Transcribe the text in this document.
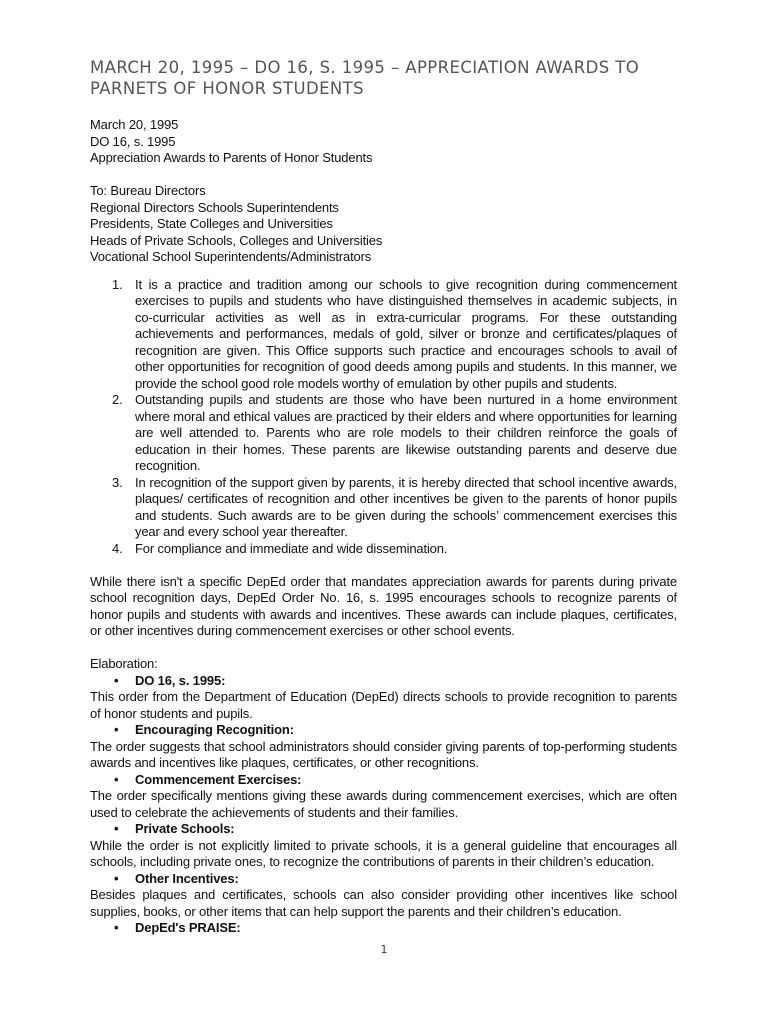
MARCH 20, 1995 – DO 16, S. 1995 – APPRECIATION AWARDS TO PARNETS OF HONOR STUDENTS
March 20, 1995
DO 16, s. 1995
Appreciation Awards to Parents of Honor Students
To: Bureau Directors
Regional Directors Schools Superintendents
Presidents, State Colleges and Universities
Heads of Private Schools, Colleges and Universities
Vocational School Superintendents/Administrators
1. It is a practice and tradition among our schools to give recognition during commencement exercises to pupils and students who have distinguished themselves in academic subjects, in co-curricular activities as well as in extra-curricular programs. For these outstanding achievements and performances, medals of gold, silver or bronze and certificates/plaques of recognition are given. This Office supports such practice and encourages schools to avail of other opportunities for recognition of good deeds among pupils and students. In this manner, we provide the school good role models worthy of emulation by other pupils and students.
2. Outstanding pupils and students are those who have been nurtured in a home environment where moral and ethical values are practiced by their elders and where opportunities for learning are well attended to. Parents who are role models to their children reinforce the goals of education in their homes. These parents are likewise outstanding parents and deserve due recognition.
3. In recognition of the support given by parents, it is hereby directed that school incentive awards, plaques/ certificates of recognition and other incentives be given to the parents of honor pupils and students. Such awards are to be given during the schools’ commencement exercises this year and every school year thereafter.
4. For compliance and immediate and wide dissemination.
While there isn't a specific DepEd order that mandates appreciation awards for parents during private school recognition days, DepEd Order No. 16, s. 1995 encourages schools to recognize parents of honor pupils and students with awards and incentives. These awards can include plaques, certificates, or other incentives during commencement exercises or other school events.
Elaboration:
• DO 16, s. 1995:
This order from the Department of Education (DepEd) directs schools to provide recognition to parents of honor students and pupils.
• Encouraging Recognition:
The order suggests that school administrators should consider giving parents of top-performing students awards and incentives like plaques, certificates, or other recognitions.
• Commencement Exercises:
The order specifically mentions giving these awards during commencement exercises, which are often used to celebrate the achievements of students and their families.
• Private Schools:
While the order is not explicitly limited to private schools, it is a general guideline that encourages all schools, including private ones, to recognize the contributions of parents in their children’s education.
• Other Incentives:
Besides plaques and certificates, schools can also consider providing other incentives like school supplies, books, or other items that can help support the parents and their children’s education.
• DepEd's PRAISE:
1
